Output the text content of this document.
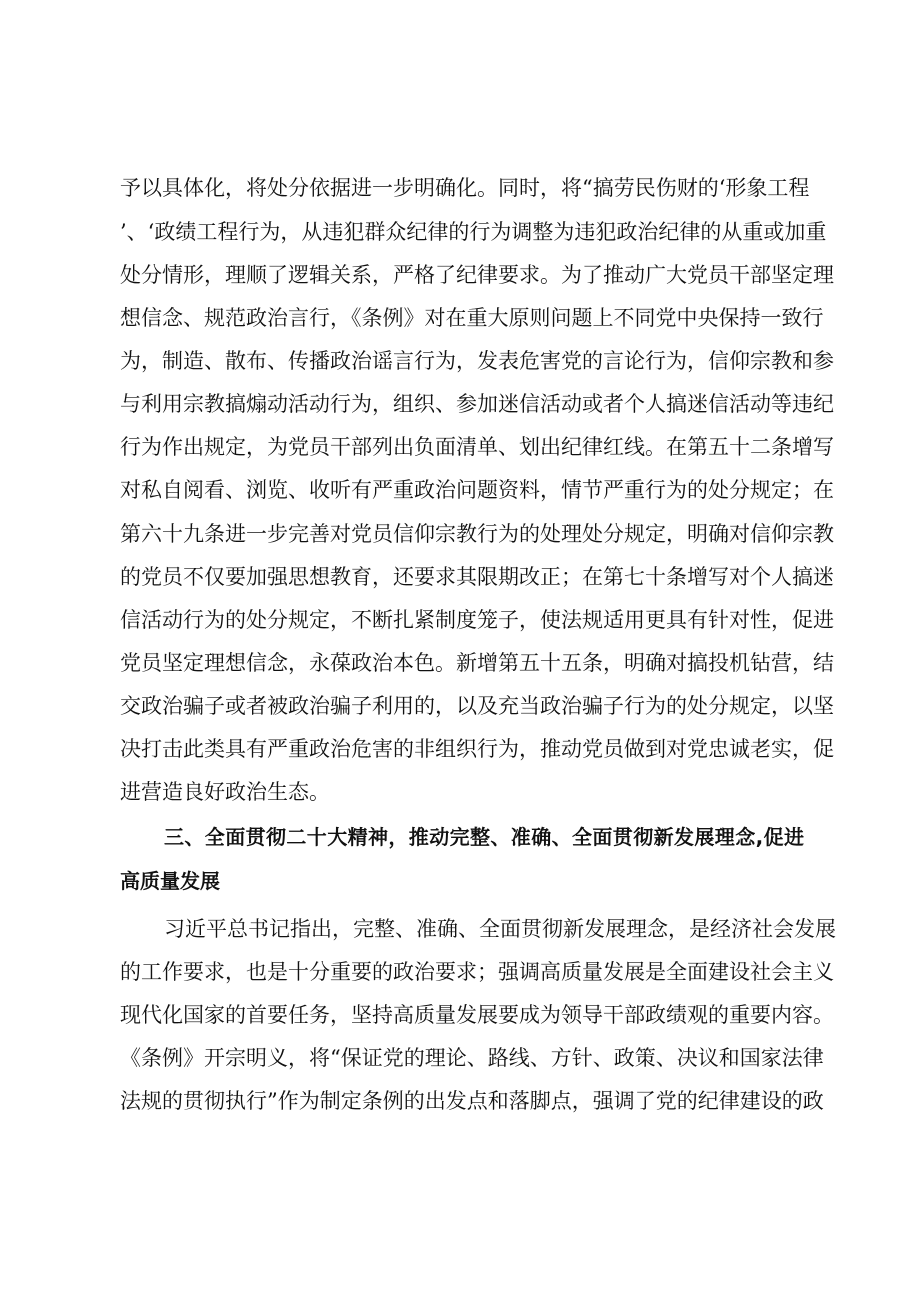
予以具体化，将处分依据进一步明确化。同时，将“搞劳民伤财的‘形象工程
’、‘政绩工程行为，从违犯群众纪律的行为调整为违犯政治纪律的从重或加重
处分情形，理顺了逻辑关系，严格了纪律要求。为了推动广大党员干部坚定理
想信念、规范政治言行，《条例》对在重大原则问题上不同党中央保持一致行
为，制造、散布、传播政治谣言行为，发表危害党的言论行为，信仰宗教和参
与利用宗教搞煽动活动行为，组织、参加迷信活动或者个人搞迷信活动等违纪
行为作出规定，为党员干部列出负面清单、划出纪律红线。在第五十二条增写
对私自阅看、浏览、收听有严重政治问题资料，情节严重行为的处分规定；在
第六十九条进一步完善对党员信仰宗教行为的处理处分规定，明确对信仰宗教
的党员不仅要加强思想教育，还要求其限期改正；在第七十条增写对个人搞迷
信活动行为的处分规定，不断扎紧制度笼子，使法规适用更具有针对性，促进
党员坚定理想信念，永葆政治本色。新增第五十五条，明确对搞投机钻营，结
交政治骗子或者被政治骗子利用的，以及充当政治骗子行为的处分规定，以坚
决打击此类具有严重政治危害的非组织行为，推动党员做到对党忠诚老实，促
进营造良好政治生态。
三、全面贯彻二十大精神，推动完整、准确、全面贯彻新发展理念,促进
高质量发展
习近平总书记指出，完整、准确、全面贯彻新发展理念，是经济社会发展
的工作要求，也是十分重要的政治要求；强调高质量发展是全面建设社会主义
现代化国家的首要任务，坚持高质量发展要成为领导干部政绩观的重要内容。
《条例》开宗明义，将“保证党的理论、路线、方针、政策、决议和国家法律
法规的贯彻执行”作为制定条例的出发点和落脚点，强调了党的纪律建设的政
